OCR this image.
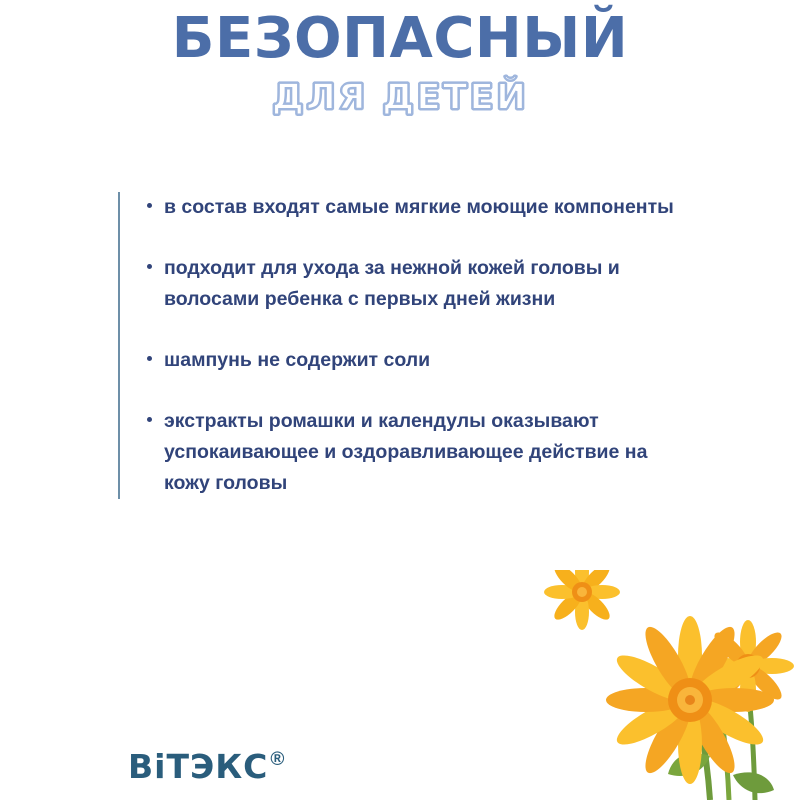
БЕЗОПАСНЫЙ
ДЛЯ ДЕТЕЙ
в состав входят самые мягкие моющие компоненты
подходит для ухода за нежной кожей головы и волосами ребенка с первых дней жизни
шампунь не содержит соли
экстракты ромашки и календулы оказывают успокаивающее и оздоравливающее действие на кожу головы
ВiТЭКС ®
